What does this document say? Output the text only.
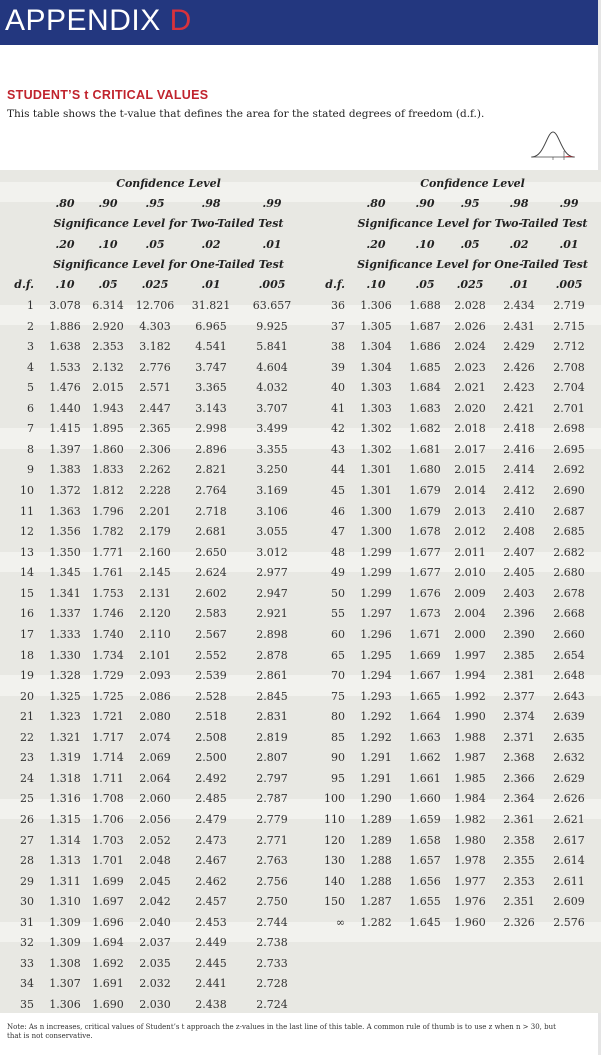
APPENDIX D
STUDENT’S t CRITICAL VALUES
This table shows the t-value that defines the area for the stated degrees of freedom (d.f.).
Confidence Level
.80 .90	.95	.98	.99
Significance Level for Two-Tailed Test
.20 .10	.05	.02	.01
Significance Level for One-Tailed Test
d.f. .10 .05 .025	.01	.005
Confidence Level
.80	.90 .95	.98	.99
Significance Level for Two-Tailed Test
.20	.10 .05	.02	.01
Significance Level for One-Tailed Test
d.f. .10	.05 .025 .01 .005
1 3.078 6.314 12.706 31.821 63.657
2 1.886 2.920 4.303 6.965	9.925
3 1.638 2.353 3.182 4.541	5.841
4 1.533 2.132 2.776 3.747	4.604
5 1.476 2.015 2.571 3.365	4.032
6 1.440 1.943 2.447 3.143	3.707
7 1.415 1.895 2.365 2.998	3.499
8 1.397 1.860 2.306 2.896	3.355
9 1.383 1.833 2.262 2.821	3.250
10 1.372 1.812 2.228 2.764	3.169
11 1.363 1.796 2.201 2.718	3.106
12 1.356 1.782 2.179 2.681	3.055
13 1.350 1.771 2.160 2.650	3.012
14 1.345 1.761 2.145 2.624	2.977
15 1.341 1.753 2.131 2.602	2.947
16 1.337 1.746 2.120 2.583	2.921
17 1.333 1.740 2.110 2.567	2.898
18 1.330 1.734 2.101 2.552	2.878
19 1.328 1.729 2.093 2.539	2.861
20 1.325 1.725 2.086 2.528	2.845
21 1.323 1.721 2.080 2.518	2.831
22 1.321 1.717 2.074 2.508	2.819
23 1.319 1.714 2.069 2.500	2.807
24 1.318 1.711 2.064 2.492	2.797
25 1.316 1.708 2.060 2.485	2.787
26 1.315 1.706 2.056 2.479	2.779
27 1.314 1.703 2.052 2.473	2.771
28 1.313 1.701 2.048 2.467	2.763
29 1.311 1.699 2.045 2.462	2.756
30 1.310 1.697 2.042 2.457	2.750
31 1.309 1.696 2.040 2.453	2.744
32 1.309 1.694 2.037 2.449	2.738
33 1.308 1.692 2.035 2.445	2.733
34 1.307 1.691 2.032 2.441	2.728
35 1.306 1.690 2.030 2.438	2.724
36 1.306 1.688 2.028 2.434 2.719
37 1.305 1.687 2.026 2.431 2.715
38 1.304 1.686 2.024 2.429 2.712
39 1.304 1.685 2.023 2.426 2.708
40 1.303 1.684 2.021 2.423 2.704
41 1.303 1.683 2.020 2.421 2.701
42 1.302 1.682 2.018 2.418 2.698
43 1.302 1.681 2.017 2.416 2.695
44 1.301 1.680 2.015 2.414 2.692
45 1.301 1.679 2.014 2.412 2.690
46 1.300 1.679 2.013 2.410 2.687
47 1.300 1.678 2.012 2.408 2.685
48 1.299 1.677 2.011 2.407 2.682
49 1.299 1.677 2.010 2.405 2.680
50 1.299 1.676 2.009 2.403 2.678
55 1.297 1.673 2.004 2.396 2.668
60 1.296 1.671 2.000 2.390 2.660
65 1.295 1.669 1.997 2.385 2.654
70 1.294 1.667 1.994 2.381 2.648
75 1.293 1.665 1.992 2.377 2.643
80 1.292 1.664 1.990 2.374 2.639
85 1.292 1.663 1.988 2.371 2.635
90 1.291 1.662 1.987 2.368 2.632
95 1.291 1.661 1.985 2.366 2.629
100 1.290 1.660 1.984 2.364 2.626
110 1.289 1.659 1.982 2.361 2.621
120 1.289 1.658 1.980 2.358 2.617
130 1.288 1.657 1.978 2.355 2.614
140 1.288 1.656 1.977 2.353 2.611
150 1.287 1.655 1.976 2.351 2.609
∞ 1.282 1.645 1.960 2.326 2.576
Note: As n increases, critical values of Student’s t approach the z-values in the last line of this table. A common rule of thumb is to use z when n > 30, but that is not conservative.
